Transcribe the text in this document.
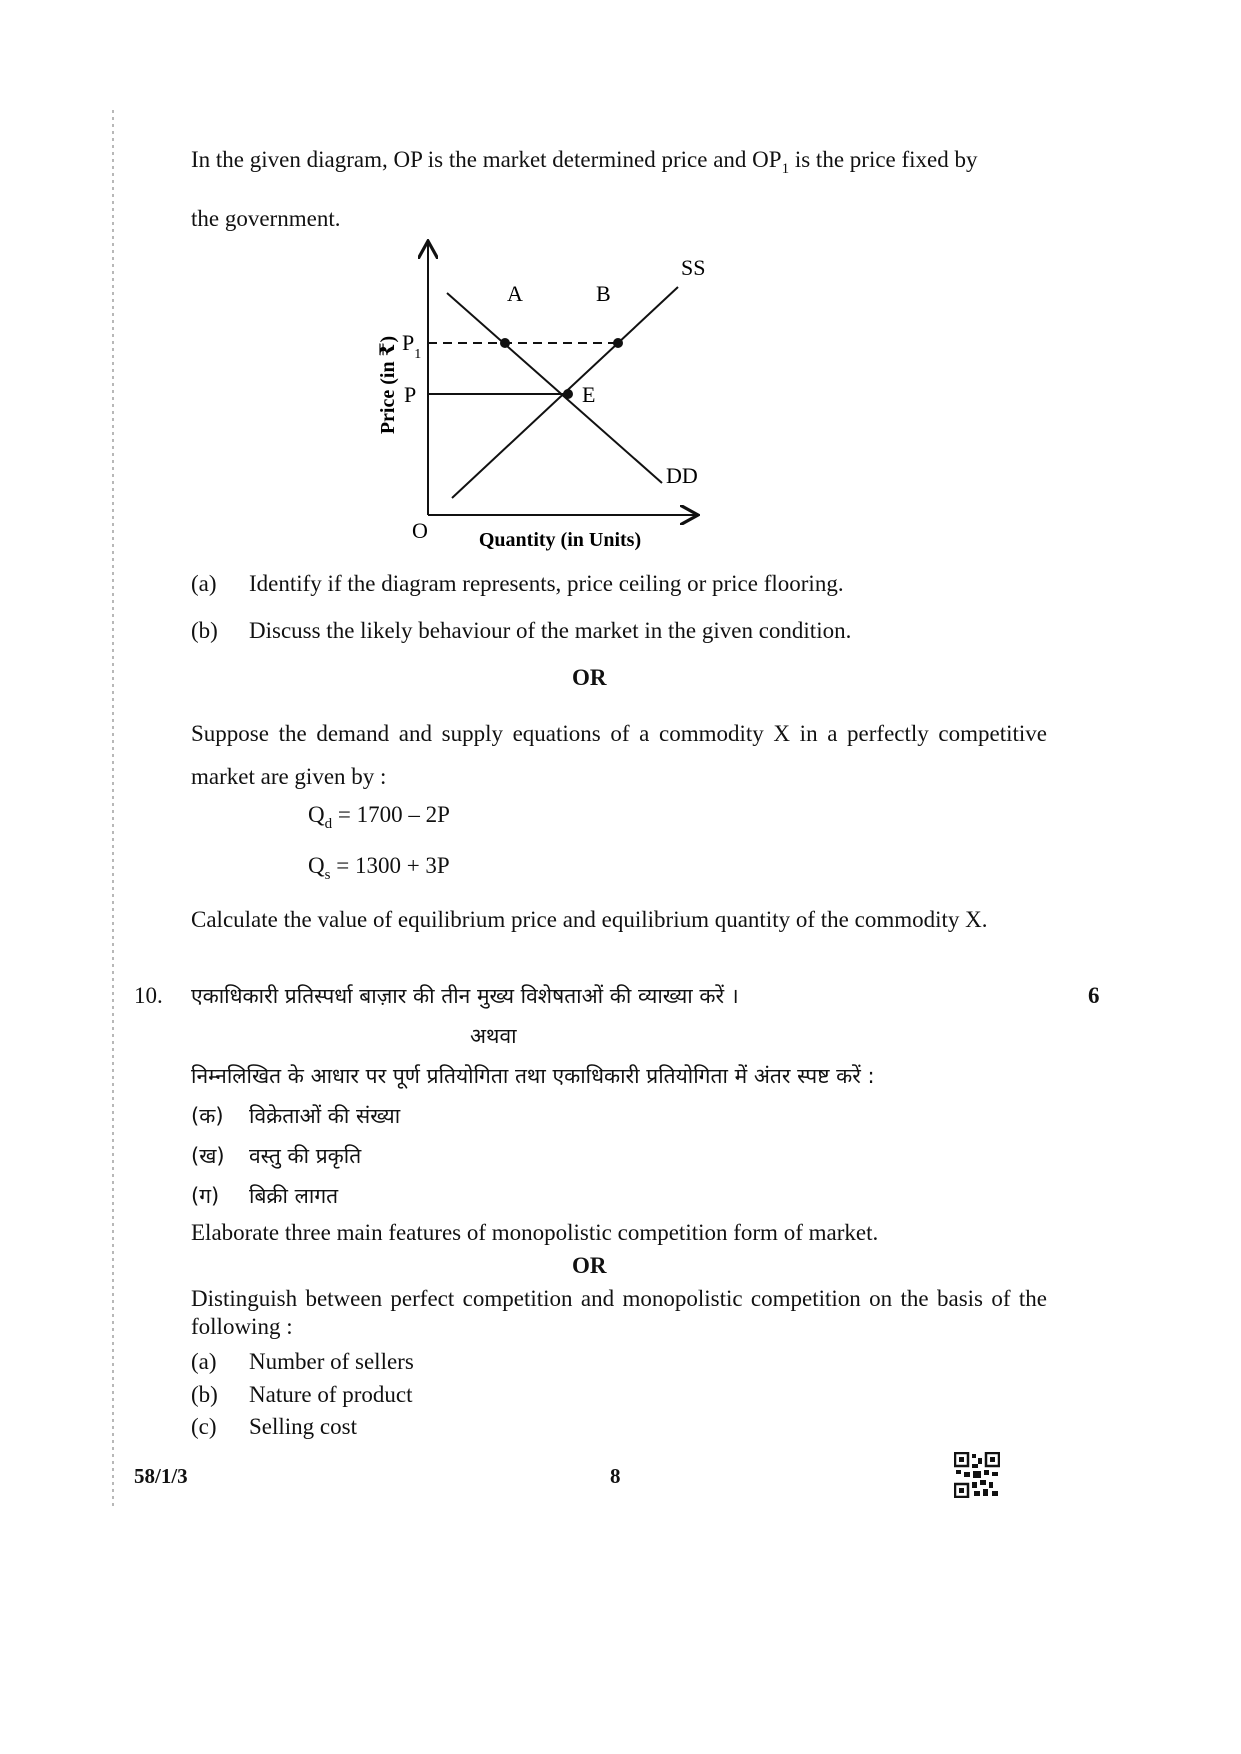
In the given diagram, OP is the market determined price and $OP_1$ is the price fixed by

the government.

Price (in ₹)
Quantity (in Units)
O
$P_1$
P
A	B
E
SS
DD
(a) Identify if the diagram represents, price ceiling or price flooring.
(b) Discuss the likely behaviour of the market in the given condition.
OR
Suppose the demand and supply equations of a commodity X in a perfectly competitive market are given by :
$Q_d = 1700 - 2P$
$Q_s = 1300 + 3P$
Calculate the value of equilibrium price and equilibrium quantity of the commodity X.
10.	6
एकाधिकारी प्रतिस्पर्धा बाज़ार की तीन मुख्य विशेषताओं की व्याख्या करें ।
अथवा
निम्नलिखित के आधार पर पूर्ण प्रतियोगिता तथा एकाधिकारी प्रतियोगिता में अंतर स्पष्ट करें :
(क) विक्रेताओं की संख्या
(ख) वस्तु की प्रकृति
(ग) बिक्री लागत
Elaborate three main features of monopolistic competition form of market.
OR
Distinguish between perfect competition and monopolistic competition on the basis of the following :
(a) Number of sellers
(b) Nature of product
(c) Selling cost
58/1/3	8
